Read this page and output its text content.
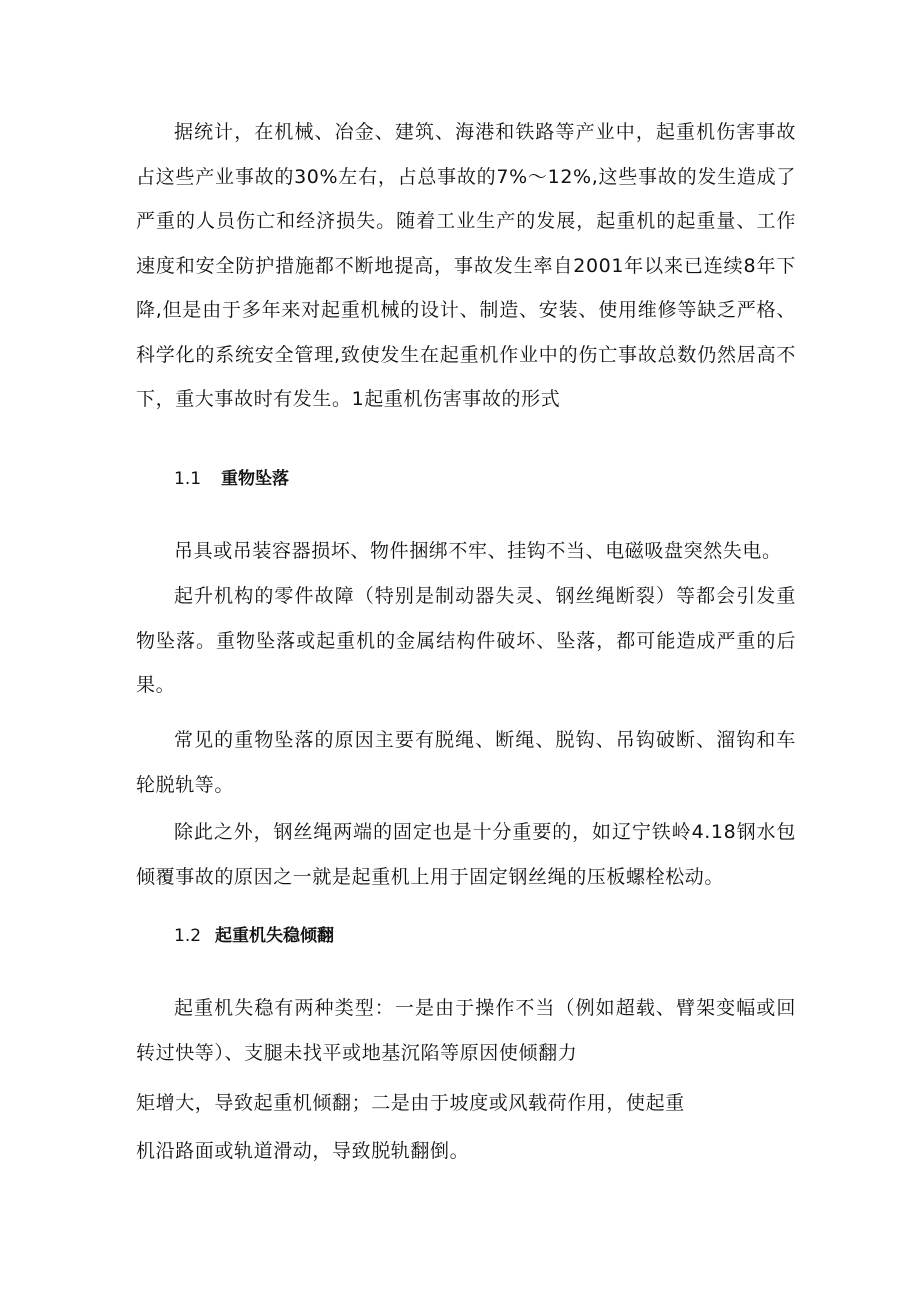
据统计，在机械、冶金、建筑、海港和铁路等产业中，起重机伤害事故占这些产业事故的30%左右，占总事故的7%～12%,这些事故的发生造成了严重的人员伤亡和经济损失。随着工业生产的发展，起重机的起重量、工作速度和安全防护措施都不断地提高，事故发生率自2001年以来已连续8年下降,但是由于多年来对起重机械的设计、制造、安装、使用维修等缺乏严格、科学化的系统安全管理,致使发生在起重机作业中的伤亡事故总数仍然居高不下，重大事故时有发生。1起重机伤害事故的形式

1.1 重物坠落

吊具或吊装容器损坏、物件捆绑不牢、挂钩不当、电磁吸盘突然失电。

起升机构的零件故障（特别是制动器失灵、钢丝绳断裂）等都会引发重物坠落。重物坠落或起重机的金属结构件破坏、坠落，都可能造成严重的后果。

常见的重物坠落的原因主要有脱绳、断绳、脱钩、吊钩破断、溜钩和车轮脱轨等。

除此之外，钢丝绳两端的固定也是十分重要的，如辽宁铁岭4.18钢水包倾覆事故的原因之一就是起重机上用于固定钢丝绳的压板螺栓松动。

1.2 起重机失稳倾翻

起重机失稳有两种类型：一是由于操作不当（例如超载、臂架变幅或回转过快等）、支腿未找平或地基沉陷等原因使倾翻力

矩增大，导致起重机倾翻；二是由于坡度或风载荷作用，使起重

机沿路面或轨道滑动，导致脱轨翻倒。
